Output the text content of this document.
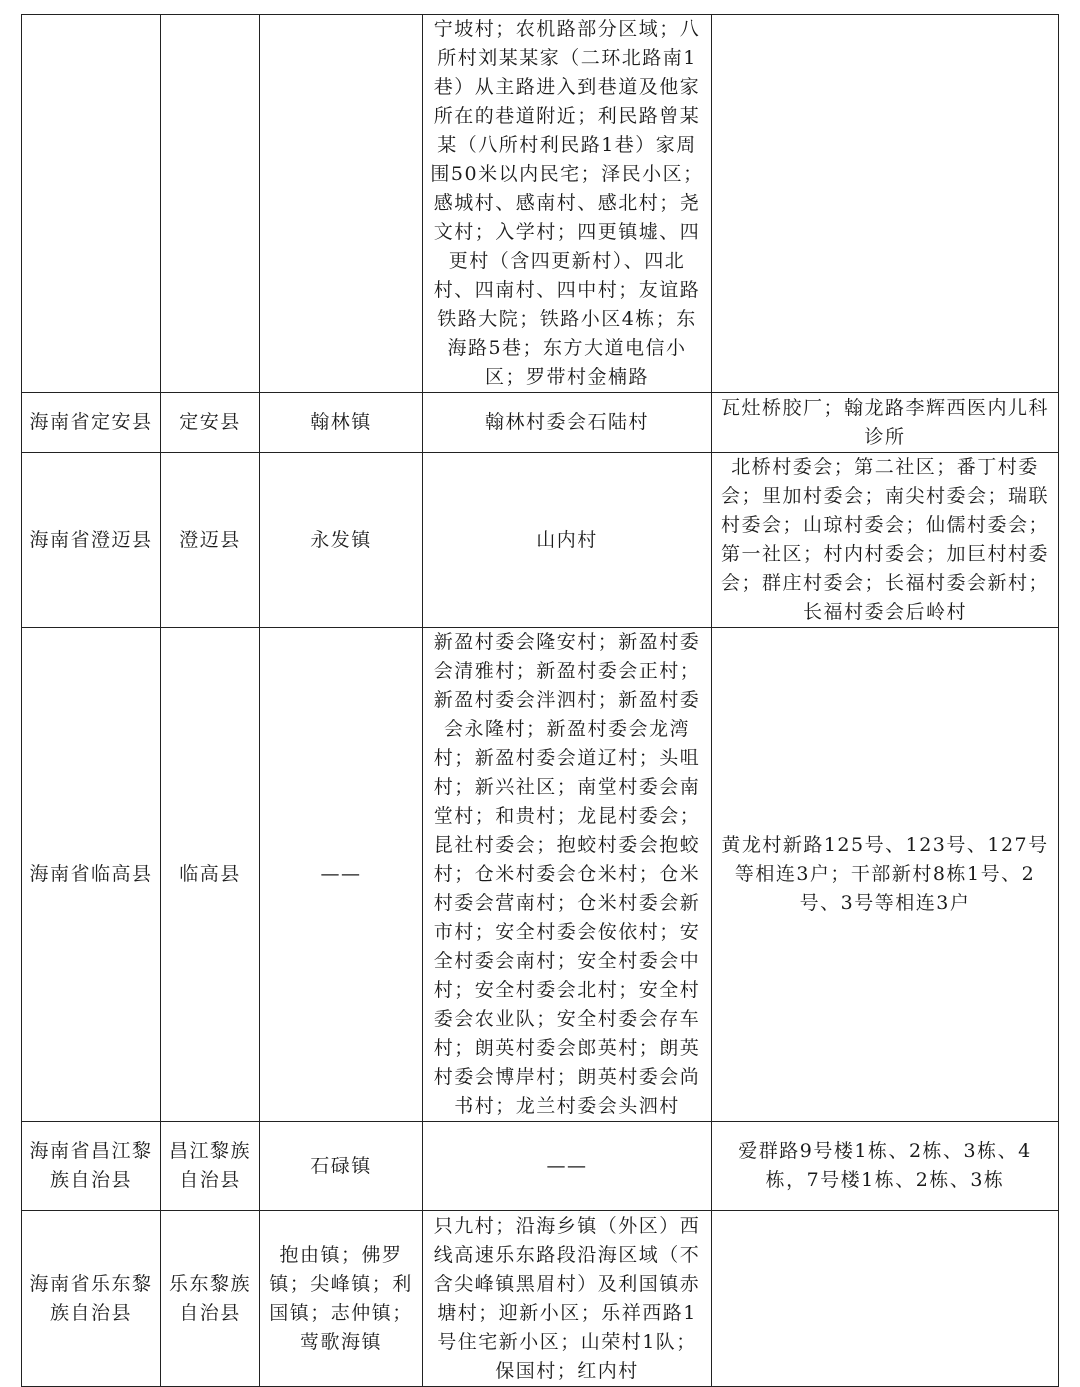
			宁坡村；农机路部分区域；八所村刘某某家（二环北路南1巷）从主路进入到巷道及他家所在的巷道附近；利民路曾某某（八所村利民路1巷）家周围50米以内民宅；泽民小区；感城村、感南村、感北村；尧文村；入学村；四更镇墟、四更村（含四更新村）、四北村、四南村、四中村；友谊路铁路大院；铁路小区4栋；东海路5巷；东方大道电信小区；罗带村金楠路	
海南省定安县	定安县	翰林镇	翰林村委会石陆村	瓦灶桥胶厂；翰龙路李辉西医内儿科诊所
海南省澄迈县	澄迈县	永发镇	山内村	北桥村委会；第二社区；番丁村委会；里加村委会；南尖村委会；瑞联村委会；山琼村委会；仙儒村委会；第一社区；村内村委会；加巨村村委会；群庄村委会；长福村委会新村；长福村委会后岭村
海南省临高县	临高县	——	新盈村委会隆安村；新盈村委会清雅村；新盈村委会正村；新盈村委会泮泗村；新盈村委会永隆村；新盈村委会龙湾村；新盈村委会道辽村；头咀村；新兴社区；南堂村委会南堂村；和贵村；龙昆村委会；昆社村委会；抱蛟村委会抱蛟村；仓米村委会仓米村；仓米村委会营南村；仓米村委会新市村；安全村委会侒依村；安全村委会南村；安全村委会中村；安全村委会北村；安全村委会农业队；安全村委会存车村；朗英村委会郎英村；朗英村委会博岸村；朗英村委会尚书村；龙兰村委会头泗村	黄龙村新路125号、123号、127号等相连3户；干部新村8栋1号、2号、3号等相连3户
海南省昌江黎族自治县	昌江黎族自治县	石碌镇	——	爱群路9号楼1栋、2栋、3栋、4栋，7号楼1栋、2栋、3栋
海南省乐东黎族自治县	乐东黎族自治县	抱由镇；佛罗镇；尖峰镇；利国镇；志仲镇；莺歌海镇	只九村；沿海乡镇（外区）西线高速乐东路段沿海区域（不含尖峰镇黑眉村）及利国镇赤塘村；迎新小区；乐祥西路1号住宅新小区；山荣村1队；保国村；红内村	
